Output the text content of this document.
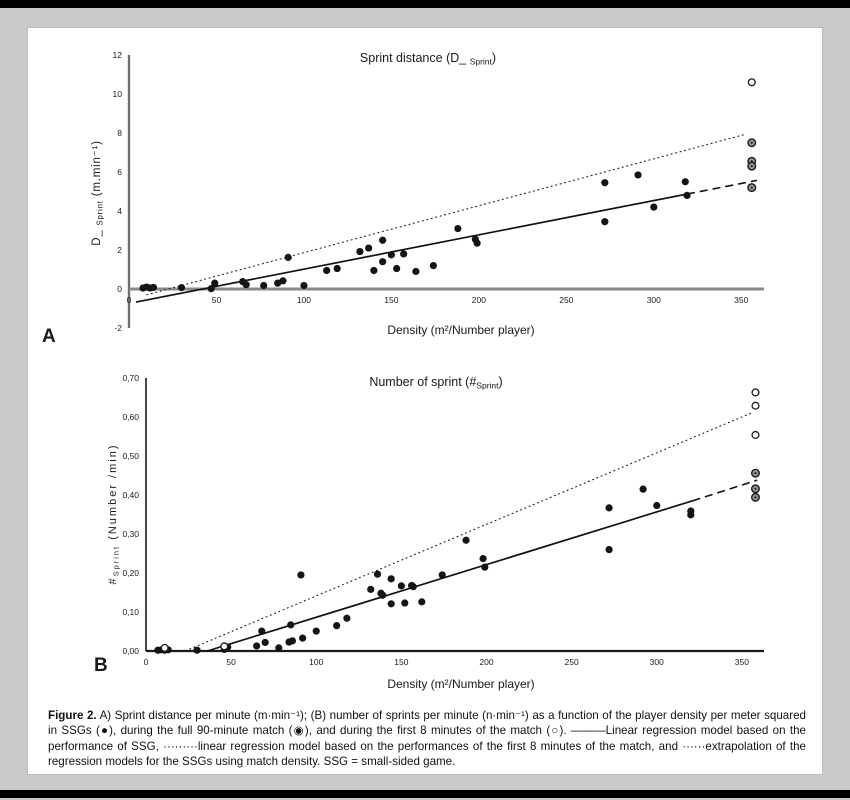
0	50	100	150	200	250	300	350
-2
0
2
4
6
8
10
12	Sprint distance (D_ $_{Sprint}$)
Density (m²/Number player)
D_ $_{Sprint}$ (m.min⁻¹)
A
0	50	100	150	200	250	300	350
0,00
0,10
0,20
0,30
0,40
0,50
0,60
0,70	Number of sprint $(\#_{Sprint})$
Density (m²/Number player)
$\#_{Sprint}$ (Number /min)
B

Figure 2. A) Sprint distance per minute (m·min⁻¹); (B) number of sprints per minute (n·min⁻¹) as a function of the player density per meter squared in SSGs (●), during the full 90-minute match (◉), and during the first 8 minutes of the match (○). ———Linear regression model based on the performance of SSG, ·········linear regression model based on the performances of the first 8 minutes of the match, and ······extrapolation of the regression models for the SSGs using match density. SSG = small-sided game.
